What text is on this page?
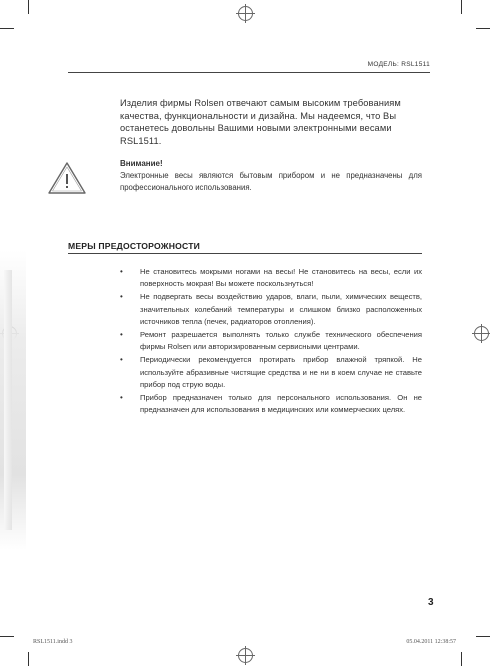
МОДЕЛЬ: RSL1511
Изделия фирмы Rolsen отвечают самым высоким требованиям качества, функциональности и дизайна. Мы надеемся, что Вы останетесь довольны Вашими новыми электронными весами RSL1511.
Внимание!
Электронные весы являются бытовым прибором и не предназначены для профессионального использования.
МЕРЫ ПРЕДОСТОРОЖНОСТИ
• Не становитесь мокрыми ногами на весы! Не становитесь на весы, если их поверхность мокрая! Вы можете поскользнуться!
• Не подвергать весы воздействию ударов, влаги, пыли, химических веществ, значительных колебаний температуры и слишком близко расположенных источников тепла (печек, радиаторов отопления).
• Ремонт разрешается выполнять только службе технического обеспечения фирмы Rolsen или авторизированным сервисными центрами.
• Периодически рекомендуется протирать прибор влажной тряпкой. Не используйте абразивные чистящие средства и не ни в коем случае не ставьте прибор под струю воды.
• Прибор предназначен только для персонального использования. Он не предназначен для использования в медицинских или коммерческих целях.
3
RSL1511.indd 3	05.04.2011 12:38:57
